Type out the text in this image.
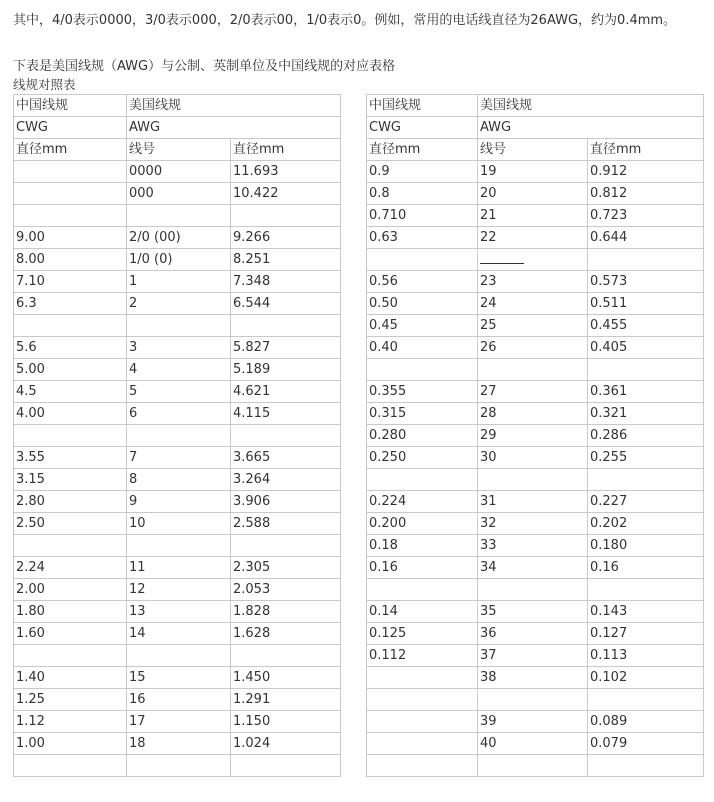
其中，4/0表示0000，3/0表示000，2/0表示00，1/0表示0。例如，常用的电话线直径为26AWG，约为0.4mm。
下表是美国线规（AWG）与公制、英制单位及中国线规的对应表格
线规对照表
中国线规	美国线规	
CWG	AWG	
直径mm	线号	直径mm
	0000	11.693
	000	10.422

9.00	2/0 (00)	9.266
8.00	1/0 (0)	8.251
7.10	1	7.348
6.3	2	6.544

5.6	3	5.827
5.00	4	5.189
4.5	5	4.621
4.00	6	4.115

3.55	7	3.665
3.15	8	3.264
2.80	9	3.906
2.50	10	2.588

2.24	11	2.305
2.00	12	2.053
1.80	13	1.828
1.60	14	1.628

1.40	15	1.450
1.25	16	1.291
1.12	17	1.150
1.00	18	1.024

中国线规	美国线规	
CWG	AWG	
直径mm	线号	直径mm
0.9	19	0.912
0.8	20	0.812
0.710	21	0.723
0.63	22	0.644

0.56	23	0.573
0.50	24	0.511
0.45	25	0.455
0.40	26	0.405

0.355	27	0.361
0.315	28	0.321
0.280	29	0.286
0.250	30	0.255

0.224	31	0.227
0.200	32	0.202
0.18	33	0.180
0.16	34	0.16

0.14	35	0.143
0.125	36	0.127
0.112	37	0.113
	38	0.102

	39	0.089
	40	0.079
